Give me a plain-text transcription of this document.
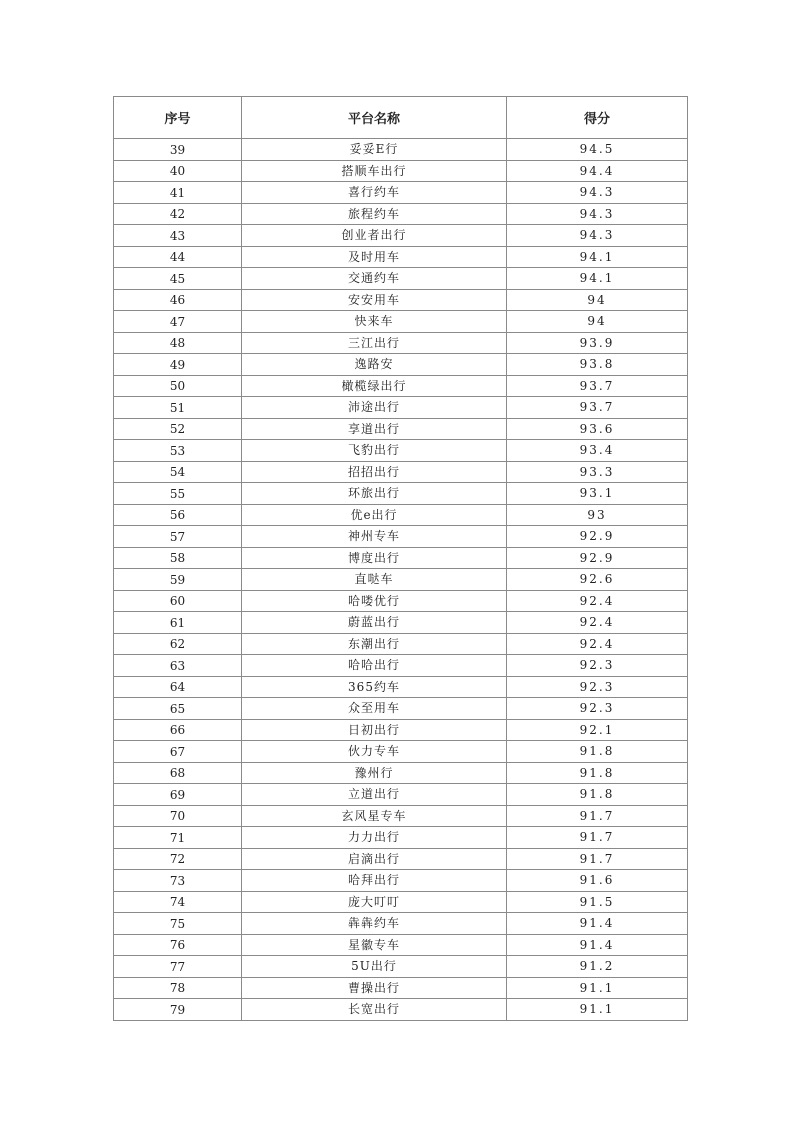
序号	平台名称	得分
39	妥妥E行	94.5
40	搭顺车出行	94.4
41	喜行约车	94.3
42	旅程约车	94.3
43	创业者出行	94.3
44	及时用车	94.1
45	交通约车	94.1
46	安安用车	94
47	快来车	94
48	三江出行	93.9
49	逸路安	93.8
50	橄榄绿出行	93.7
51	沛途出行	93.7
52	享道出行	93.6
53	飞豹出行	93.4
54	招招出行	93.3
55	环旅出行	93.1
56	优e出行	93
57	神州专车	92.9
58	博度出行	92.9
59	直哒车	92.6
60	哈喽优行	92.4
61	蔚蓝出行	92.4
62	东潮出行	92.4
63	哈哈出行	92.3
64	365约车	92.3
65	众至用车	92.3
66	日初出行	92.1
67	伙力专车	91.8
68	豫州行	91.8
69	立道出行	91.8
70	玄风星专车	91.7
71	力力出行	91.7
72	启滴出行	91.7
73	哈拜出行	91.6
74	庞大叮叮	91.5
75	犇犇约车	91.4
76	星徽专车	91.4
77	5U出行	91.2
78	曹操出行	91.1
79	长宽出行	91.1
